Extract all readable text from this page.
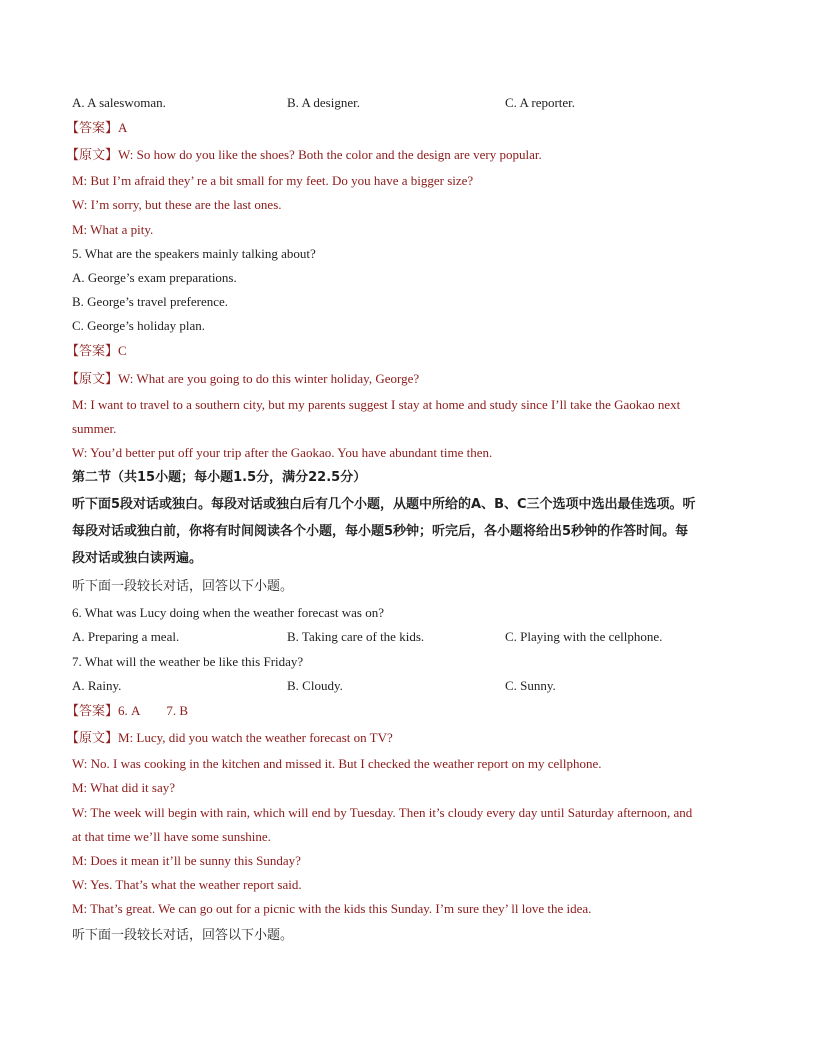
A. A saleswoman.	B. A designer.	C. A reporter.
【答案】A
【原文】W: So how do you like the shoes? Both the color and the design are very popular.
M: But I’m afraid they’ re a bit small for my feet. Do you have a bigger size?
W: I’m sorry, but these are the last ones.
M: What a pity.
5. What are the speakers mainly talking about?
A. George’s exam preparations.
B. George’s travel preference.
C. George’s holiday plan.
【答案】C
【原文】W: What are you going to do this winter holiday, George?
M: I want to travel to a southern city, but my parents suggest I stay at home and study since I’ll take the Gaokao next
summer.
W: You’d better put off your trip after the Gaokao. You have abundant time then.
第二节（共15小题；每小题1.5分，满分22.5分）
听下面5段对话或独白。每段对话或独白后有几个小题，从题中所给的A、B、C三个选项中选出最佳选项。听
每段对话或独白前，你将有时间阅读各个小题，每小题5秒钟；听完后，各小题将给出5秒钟的作答时间。每
段对话或独白读两遍。
听下面一段较长对话，回答以下小题。
6. What was Lucy doing when the weather forecast was on?
A. Preparing a meal.	B. Taking care of the kids.	C. Playing with the cellphone.
7. What will the weather be like this Friday?
A. Rainy.	B. Cloudy.	C. Sunny.
【答案】6. A 7. B
【原文】M: Lucy, did you watch the weather forecast on TV?
W: No. I was cooking in the kitchen and missed it. But I checked the weather report on my cellphone.
M: What did it say?
W: The week will begin with rain, which will end by Tuesday. Then it’s cloudy every day until Saturday afternoon, and
at that time we’ll have some sunshine.
M: Does it mean it’ll be sunny this Sunday?
W: Yes. That’s what the weather report said.
M: That’s great. We can go out for a picnic with the kids this Sunday. I’m sure they’ ll love the idea.
听下面一段较长对话，回答以下小题。
